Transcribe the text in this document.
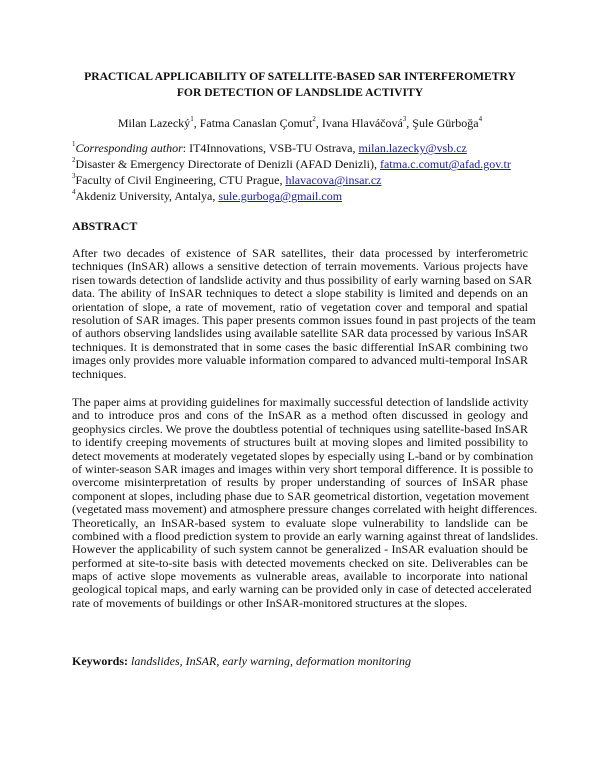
PRACTICAL APPLICABILITY OF SATELLITE-BASED SAR INTERFEROMETRY
FOR DETECTION OF LANDSLIDE ACTIVITY
Milan Lazecký$^1$, Fatma Canaslan Çomut$^2$, Ivana Hlaváčová$^3$, Şule Gürboğa$^4$
$^1$Corresponding author: IT4Innovations, VSB-TU Ostrava, milan.lazecky@vsb.cz
$^2$Disaster & Emergency Directorate of Denizli (AFAD Denizli), fatma.c.comut@afad.gov.tr
$^3$Faculty of Civil Engineering, CTU Prague, hlavacova@insar.cz
$^4$Akdeniz University, Antalya, sule.gurboga@gmail.com
ABSTRACT
After two decades of existence of SAR satellites, their data processed by interferometric
techniques (InSAR) allows a sensitive detection of terrain movements. Various projects have
risen towards detection of landslide activity and thus possibility of early warning based on SAR
data. The ability of InSAR techniques to detect a slope stability is limited and depends on an
orientation of slope, a rate of movement, ratio of vegetation cover and temporal and spatial
resolution of SAR images. This paper presents common issues found in past projects of the team
of authors observing landslides using available satellite SAR data processed by various InSAR
techniques. It is demonstrated that in some cases the basic differential InSAR combining two
images only provides more valuable information compared to advanced multi-temporal InSAR
techniques.
The paper aims at providing guidelines for maximally successful detection of landslide activity
and to introduce pros and cons of the InSAR as a method often discussed in geology and
geophysics circles. We prove the doubtless potential of techniques using satellite-based InSAR
to identify creeping movements of structures built at moving slopes and limited possibility to
detect movements at moderately vegetated slopes by especially using L-band or by combination
of winter-season SAR images and images within very short temporal difference. It is possible to
overcome misinterpretation of results by proper understanding of sources of InSAR phase
component at slopes, including phase due to SAR geometrical distortion, vegetation movement
(vegetated mass movement) and atmosphere pressure changes correlated with height differences.
Theoretically, an InSAR-based system to evaluate slope vulnerability to landslide can be
combined with a flood prediction system to provide an early warning against threat of landslides.
However the applicability of such system cannot be generalized - InSAR evaluation should be
performed at site-to-site basis with detected movements checked on site. Deliverables can be
maps of active slope movements as vulnerable areas, available to incorporate into national
geological topical maps, and early warning can be provided only in case of detected accelerated
rate of movements of buildings or other InSAR-monitored structures at the slopes.
Keywords: landslides, InSAR, early warning, deformation monitoring
